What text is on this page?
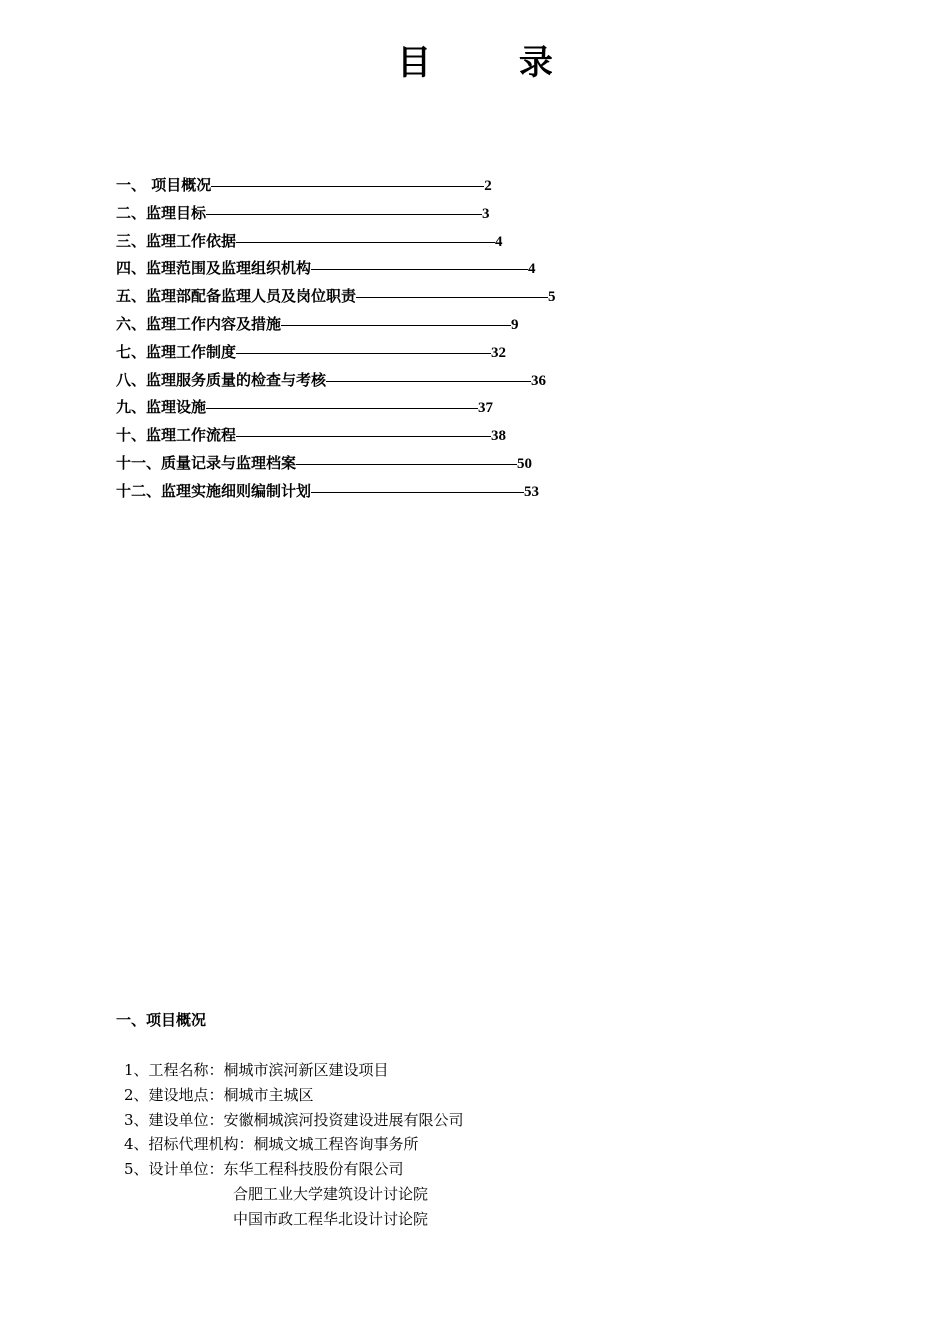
目 录
一、 项目概况	2
二、监理目标	3
三、监理工作依据	4
四、监理范围及监理组织机构	4
五、监理部配备监理人员及岗位职责	5
六、监理工作内容及措施	9
七、监理工作制度	32
八、监理服务质量的检查与考核	36
九、监理设施	37
十、监理工作流程	38
十一、质量记录与监理档案	50
十二、监理实施细则编制计划	53
一、项目概况
1、工程名称： 桐城市滨河新区建设项目
2、建设地点： 桐城市主城区
3、建设单位： 安徽桐城滨河投资建设进展有限公司
4、招标代理机构： 桐城文城工程咨询事务所
5、设计单位： 东华工程科技股份有限公司
合肥工业大学建筑设计讨论院
中国市政工程华北设计讨论院
